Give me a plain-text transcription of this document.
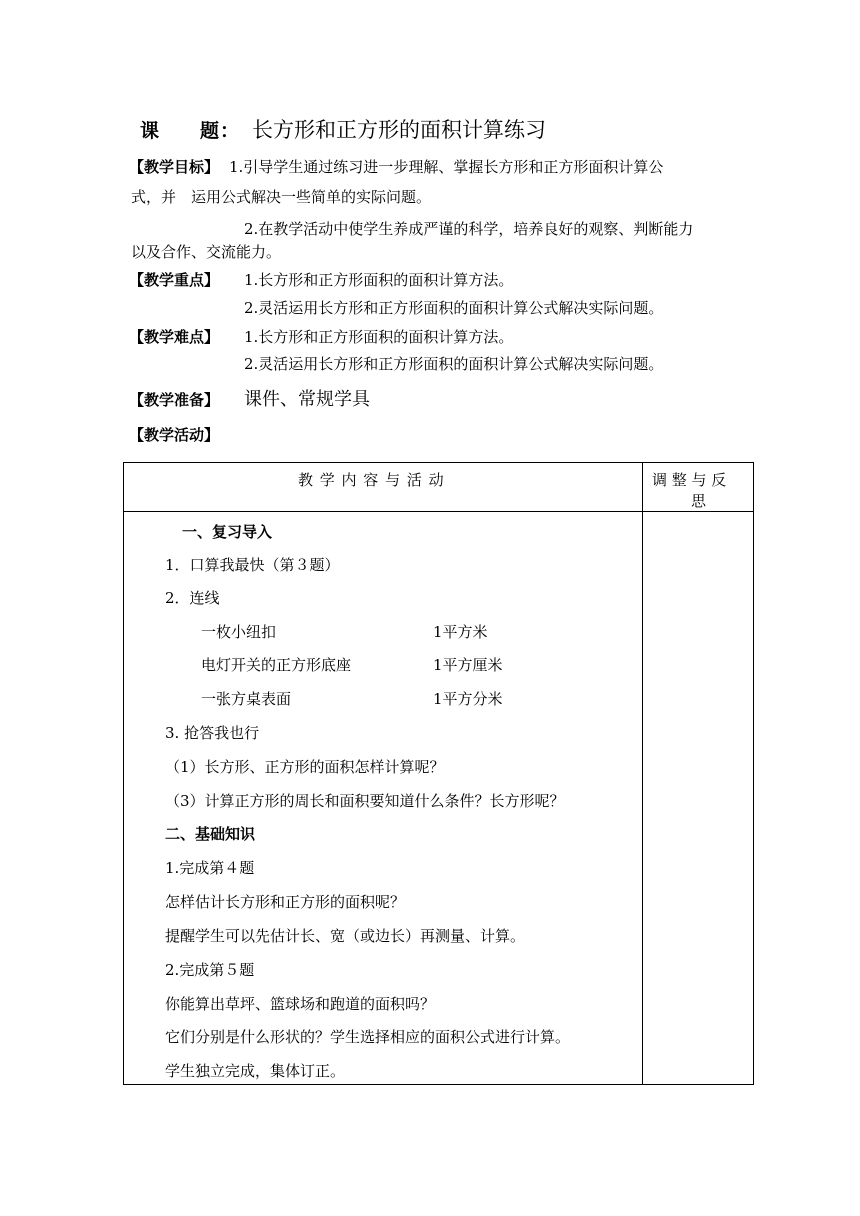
课　　题： 长方形和正方形的面积计算练习
【教学目标】 1.引导学生通过练习进一步理解、掌握长方形和正方形面积计算公
式，并　运用公式解决一些简单的实际问题。
2.在教学活动中使学生养成严谨的科学，培养良好的观察、判断能力
以及合作、交流能力。
【教学重点】 1.长方形和正方形面积的面积计算方法。
2.灵活运用长方形和正方形面积的面积计算公式解决实际问题。
【教学难点】 1.长方形和正方形面积的面积计算方法。
2.灵活运用长方形和正方形面积的面积计算公式解决实际问题。
【教学准备】 课件、常规学具
【教学活动】
教 学 内 容 与 活 动	调 整 与 反
思
一、复习导入
1．口算我最快（第３题）
2．连线
一枚小纽扣	1平方米
电灯开关的正方形底座	1平方厘米
一张方桌表面	1平方分米
3. 抢答我也行
（1）长方形、正方形的面积怎样计算呢？
（3）计算正方形的周长和面积要知道什么条件？长方形呢？
二、基础知识
1.完成第４题
怎样估计长方形和正方形的面积呢？
提醒学生可以先估计长、宽（或边长）再测量、计算。
2.完成第５题
你能算出草坪、篮球场和跑道的面积吗？
它们分别是什么形状的？学生选择相应的面积公式进行计算。
学生独立完成，集体订正。
